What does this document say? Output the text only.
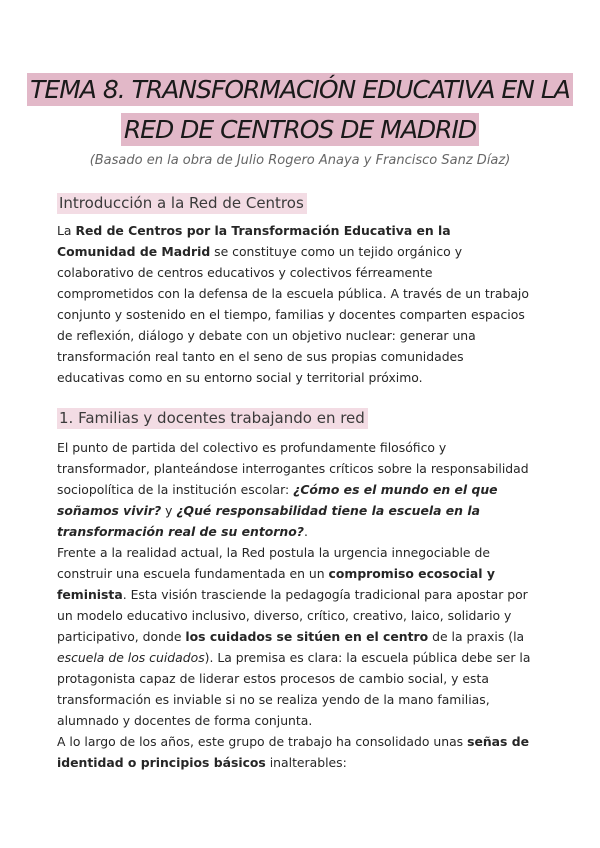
TEMA 8. TRANSFORMACIÓN EDUCATIVA EN LA
RED DE CENTROS DE MADRID
(Basado en la obra de Julio Rogero Anaya y Francisco Sanz Díaz)
Introducción a la Red de Centros

La Red de Centros por la Transformación Educativa en la Comunidad de Madrid se constituye como un tejido orgánico y colaborativo de centros educativos y colectivos férreamente comprometidos con la defensa de la escuela pública. A través de un trabajo conjunto y sostenido en el tiempo, familias y docentes comparten espacios de reflexión, diálogo y debate con un objetivo nuclear: generar una transformación real tanto en el seno de sus propias comunidades educativas como en su entorno social y territorial próximo.

1. Familias y docentes trabajando en red

El punto de partida del colectivo es profundamente filosófico y transformador, planteándose interrogantes críticos sobre la responsabilidad sociopolítica de la institución escolar: ¿Cómo es el mundo en el que soñamos vivir? y ¿Qué responsabilidad tiene la escuela en la transformación real de su entorno?.

Frente a la realidad actual, la Red postula la urgencia innegociable de construir una escuela fundamentada en un compromiso ecosocial y feminista. Esta visión trasciende la pedagogía tradicional para apostar por un modelo educativo inclusivo, diverso, crítico, creativo, laico, solidario y participativo, donde los cuidados se sitúen en el centro de la praxis (la escuela de los cuidados). La premisa es clara: la escuela pública debe ser la protagonista capaz de liderar estos procesos de cambio social, y esta transformación es inviable si no se realiza yendo de la mano familias, alumnado y docentes de forma conjunta.

A lo largo de los años, este grupo de trabajo ha consolidado unas señas de identidad o principios básicos inalterables:
